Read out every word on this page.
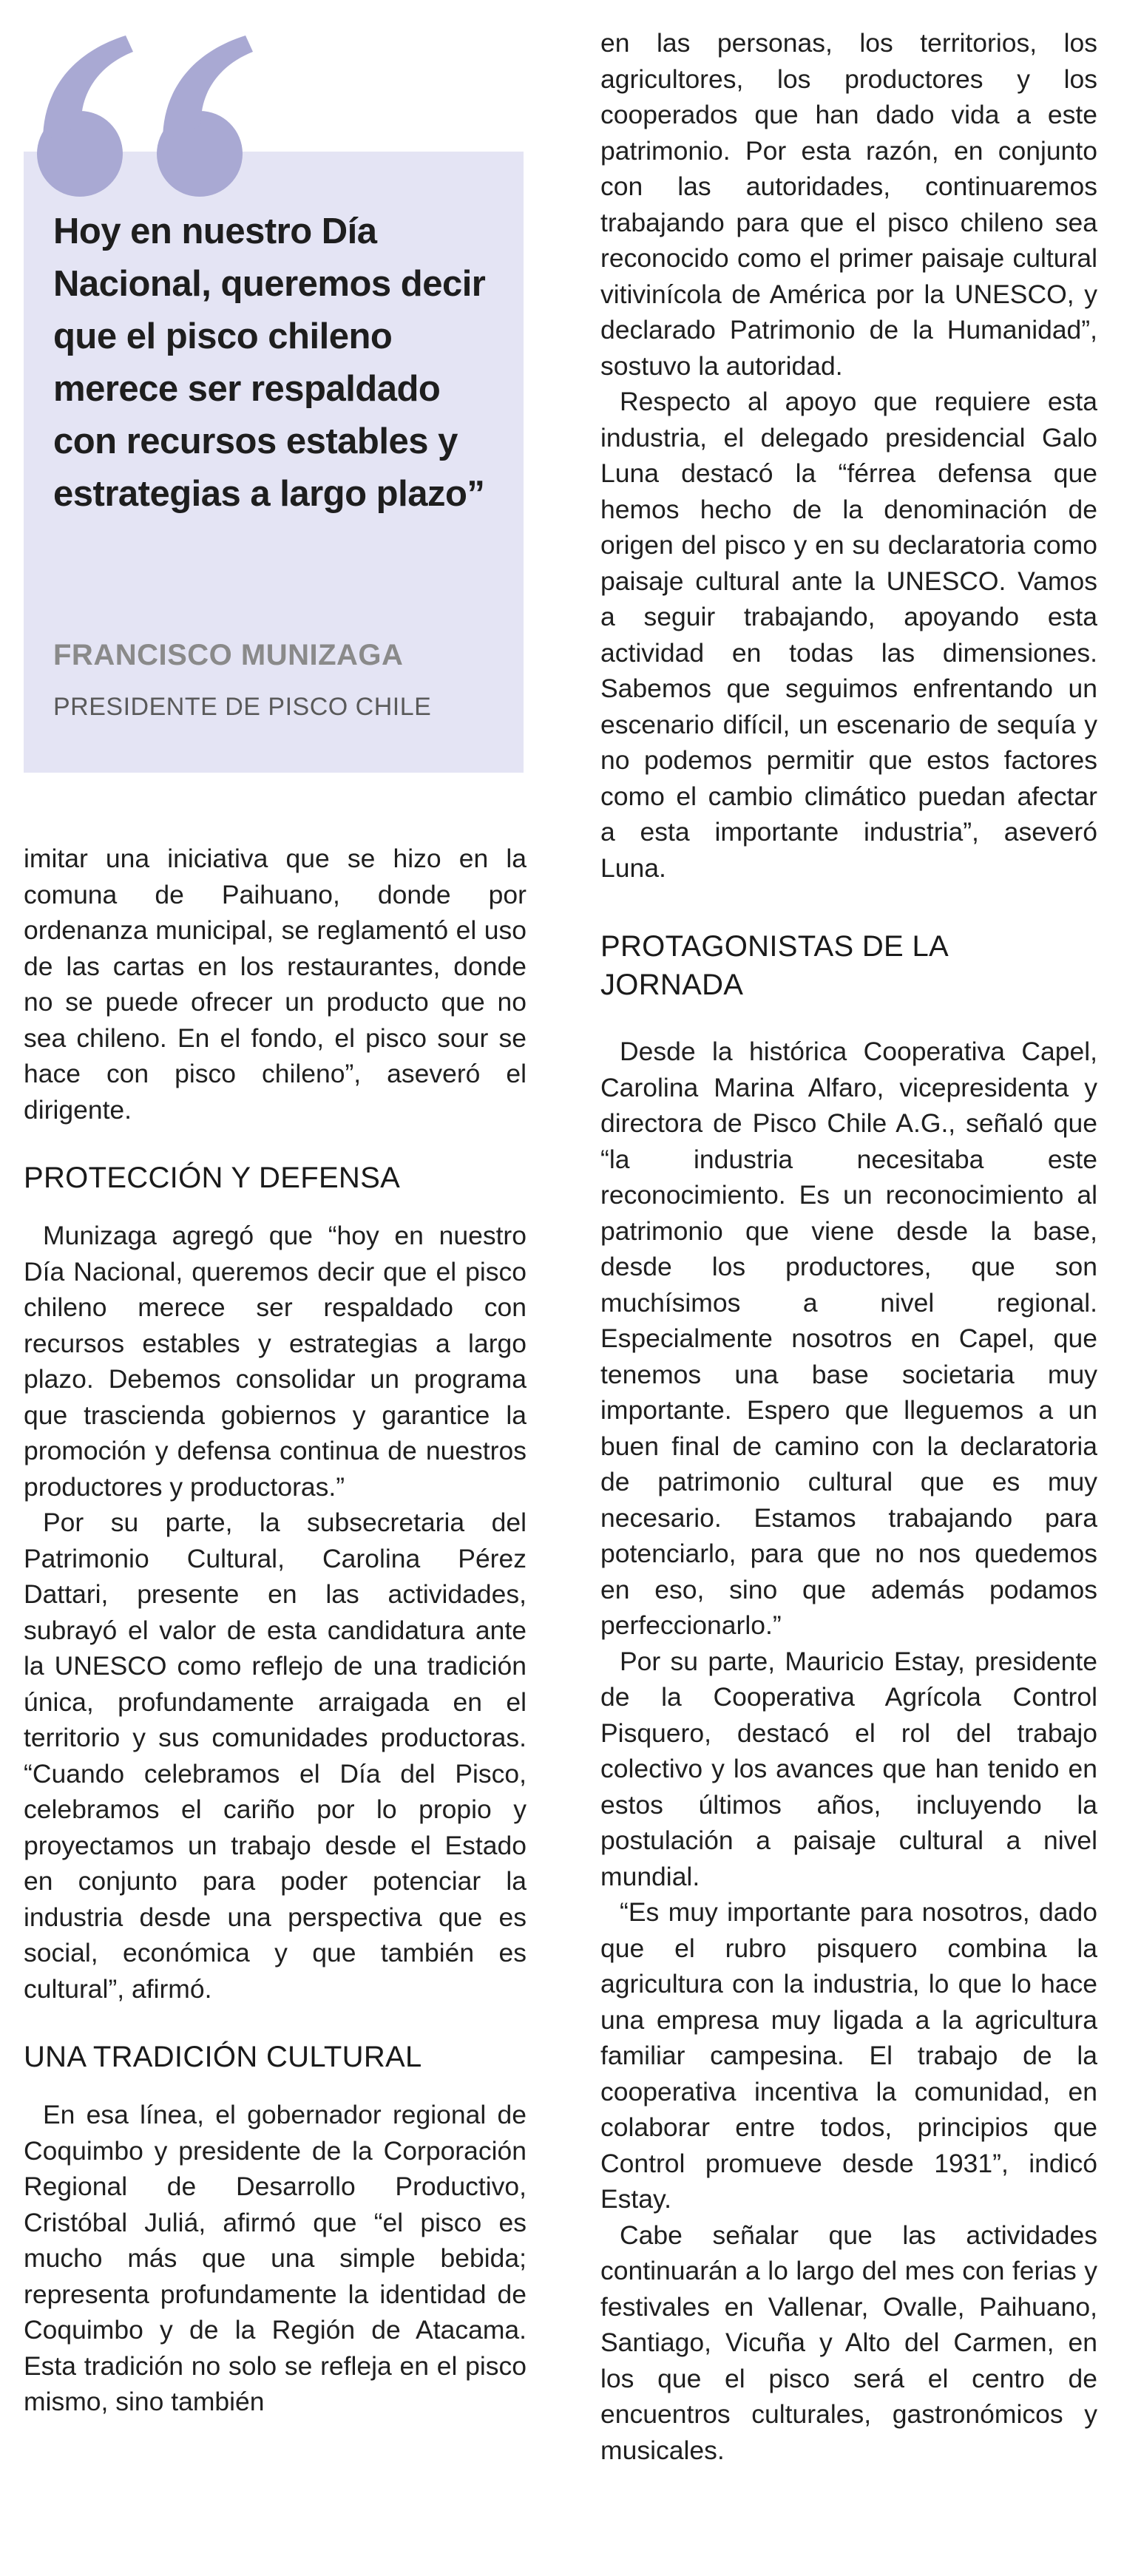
Hoy en nuestro Día Nacional, queremos decir que el pisco chileno merece ser respaldado con recursos estables y estrategias a largo plazo”

FRANCISCO MUNIZAGA

PRESIDENTE DE PISCO CHILE

imitar una iniciativa que se hizo en la comuna de Paihuano, donde por ordenanza municipal, se reglamentó el uso de las cartas en los restaurantes, donde no se puede ofrecer un producto que no sea chileno. En el fondo, el pisco sour se hace con pisco chileno”, aseveró el dirigente.

PROTECCIÓN Y DEFENSA

Munizaga agregó que “hoy en nuestro Día Nacional, queremos decir que el pisco chileno merece ser respaldado con recursos estables y estrategias a largo plazo. Debemos consolidar un programa que trascienda gobiernos y garantice la promoción y defensa continua de nuestros productores y productoras.”

Por su parte, la subsecretaria del Patrimonio Cultural, Carolina Pérez Dattari, presente en las actividades, subrayó el valor de esta candidatura ante la UNESCO como reflejo de una tradición única, profundamente arraigada en el territorio y sus comunidades productoras. “Cuando celebramos el Día del Pisco, celebramos el cariño por lo propio y proyectamos un trabajo desde el Estado en conjunto para poder potenciar la industria desde una perspectiva que es social, económica y que también es cultural”, afirmó.

UNA TRADICIÓN CULTURAL

En esa línea, el gobernador regional de Coquimbo y presidente de la Corporación Regional de Desarrollo Productivo, Cristóbal Juliá, afirmó que “el pisco es mucho más que una simple bebida; representa profundamente la identidad de Coquimbo y de la Región de Atacama. Esta tradición no solo se refleja en el pisco mismo, sino también

en las personas, los territorios, los agricultores, los productores y los cooperados que han dado vida a este patrimonio. Por esta razón, en conjunto con las autoridades, continuaremos trabajando para que el pisco chileno sea reconocido como el primer paisaje cultural vitivinícola de América por la UNESCO, y declarado Patrimonio de la Humanidad”, sostuvo la autoridad.

Respecto al apoyo que requiere esta industria, el delegado presidencial Galo Luna destacó la “férrea defensa que hemos hecho de la denominación de origen del pisco y en su declaratoria como paisaje cultural ante la UNESCO. Vamos a seguir trabajando, apoyando esta actividad en todas las dimensiones. Sabemos que seguimos enfrentando un escenario difícil, un escenario de sequía y no podemos permitir que estos factores como el cambio climático puedan afectar a esta importante industria”, aseveró Luna.

PROTAGONISTAS DE LA JORNADA

Desde la histórica Cooperativa Capel, Carolina Marina Alfaro, vicepresidenta y directora de Pisco Chile A.G., señaló que “la industria necesitaba este reconocimiento. Es un reconocimiento al patrimonio que viene desde la base, desde los productores, que son muchísimos a nivel regional. Especialmente nosotros en Capel, que tenemos una base societaria muy importante. Espero que lleguemos a un buen final de camino con la declaratoria de patrimonio cultural que es muy necesario. Estamos trabajando para potenciarlo, para que no nos quedemos en eso, sino que además podamos perfeccionarlo.”

Por su parte, Mauricio Estay, presidente de la Cooperativa Agrícola Control Pisquero, destacó el rol del trabajo colectivo y los avances que han tenido en estos últimos años, incluyendo la postulación a paisaje cultural a nivel mundial.

“Es muy importante para nosotros, dado que el rubro pisquero combina la agricultura con la industria, lo que lo hace una empresa muy ligada a la agricultura familiar campesina. El trabajo de la cooperativa incentiva la comunidad, en colaborar entre todos, principios que Control promueve desde 1931”, indicó Estay.

Cabe señalar que las actividades continuarán a lo largo del mes con ferias y festivales en Vallenar, Ovalle, Paihuano, Santiago, Vicuña y Alto del Carmen, en los que el pisco será el centro de encuentros culturales, gastronómicos y musicales.
